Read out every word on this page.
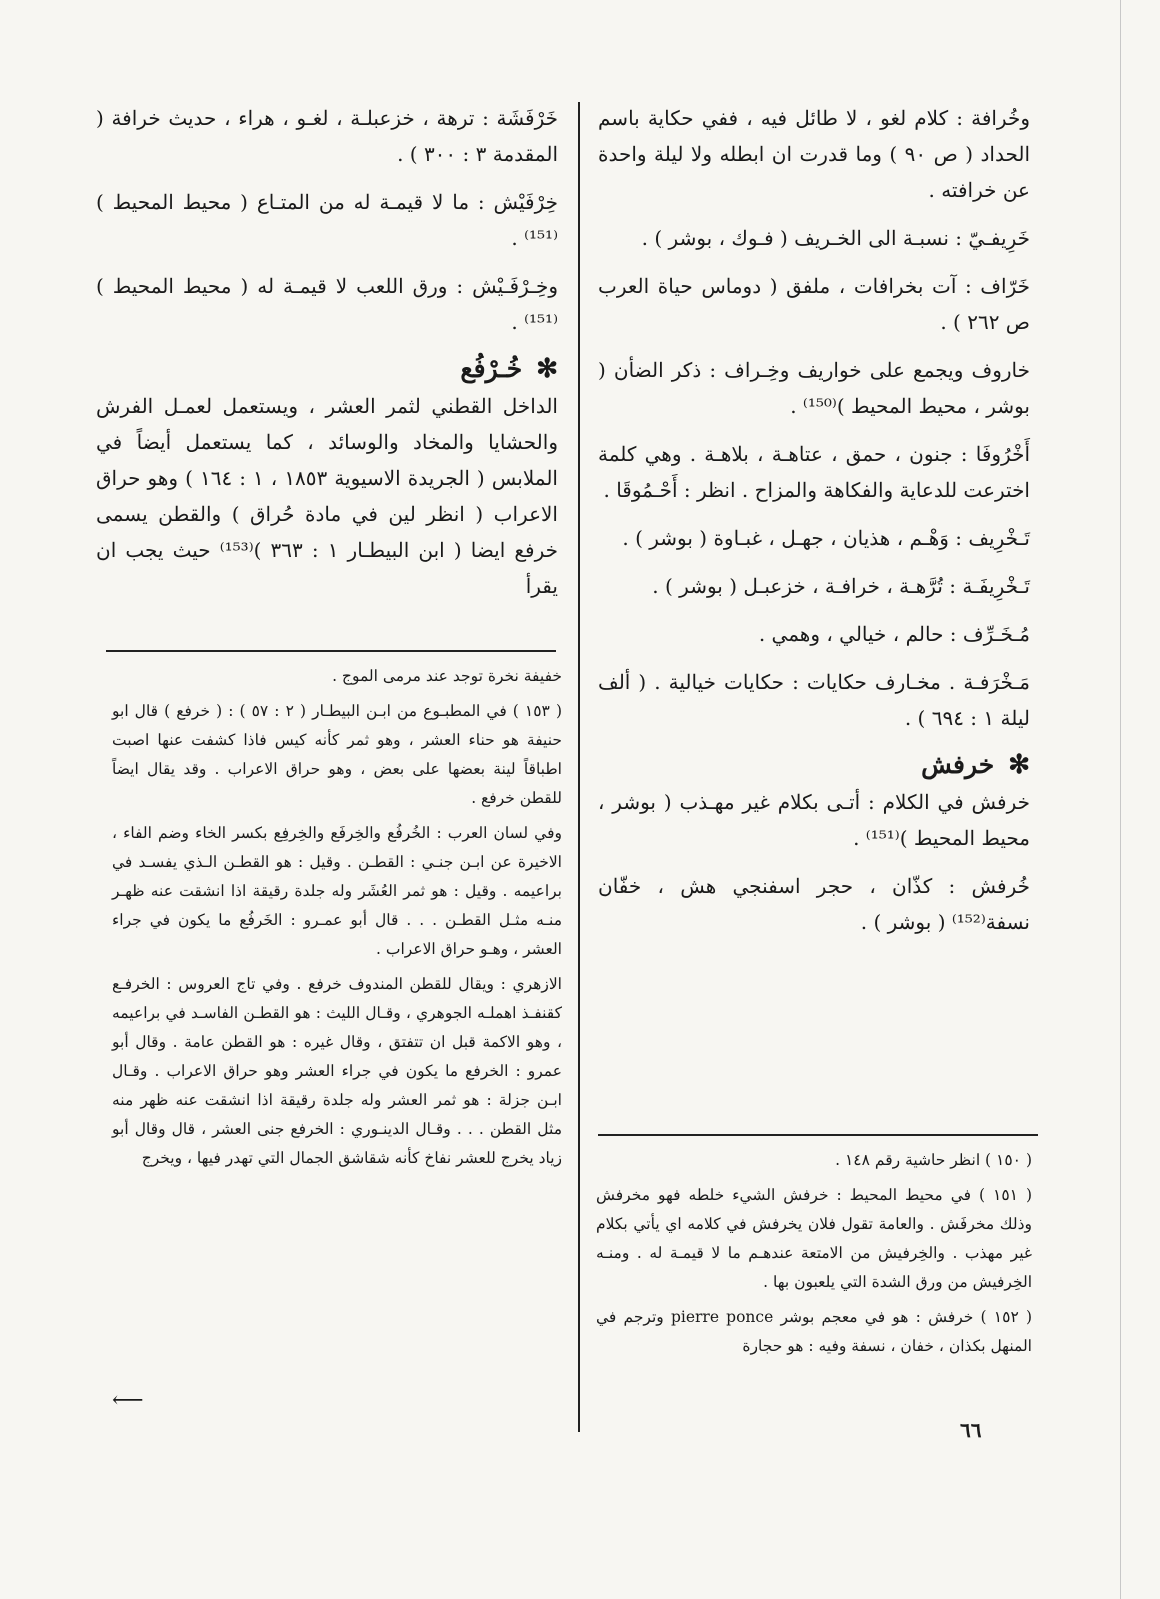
وخُرافة : كلام لغو ، لا طائل فيه ، ففي حكاية باسم الحداد ( ص ٩٠ ) وما قدرت ان ابطله ولا ليلة واحدة عن خرافته .

خَرِيفـيّ : نسبـة الى الخـريف ( فـوك ، بوشر ) .

خَرّاف : آت بخرافات ، ملفق ( دوماس حياة العرب ص ٢٦٢ ) .

خاروف ويجمع على خواريف وخِـراف : ذكر الضأن ( بوشر ، محيط المحيط )⁽¹⁵⁰⁾ .

أَخْرُوفَا : جنون ، حمق ، عتاهـة ، بلاهـة . وهي كلمة اخترعت للدعاية والفكاهة والمزاح . انظر : أَحْـمُوقَا .

تَـخْرِيف : وَهْـم ، هذيان ، جهـل ، غبـاوة ( بوشر ) .

تَـخْرِيفَـة : تُرَّهـة ، خرافـة ، خزعبـل ( بوشر ) .

مُـخَـرِّف : حالم ، خيالي ، وهمي .

مَـخْرَفـة . مخـارف حكايات : حكايات خيالية . ( ألف ليلة ١ : ٦٩٤ ) .

✻
خرفش

خرفش في الكلام : أتـى بكلام غير مهـذب ( بوشر ، محيط المحيط )⁽¹⁵¹⁾ .

خُرفش : كذّان ، حجر اسفنجي هش ، خفّان نسفة⁽¹⁵²⁾ ( بوشر ) .

خَرْفَشَة : ترهة ، خزعبلـة ، لغـو ، هراء ، حديث خرافة ( المقدمة ٣ : ٣٠٠ ) .

خِرْفَيْش : ما لا قيمـة له من المتـاع ( محيط المحيط )⁽¹⁵¹⁾ .

وخِـرْفَـيْش : ورق اللعب لا قيمـة له ( محيط المحيط )⁽¹⁵¹⁾ .

✻
خُـرْفُع

الداخل القطني لثمر العشر ، ويستعمل لعمـل الفرش والحشايا والمخاد والوسائد ، كما يستعمل أيضاً في الملابس ( الجريدة الاسيوية ١٨٥٣ ، ١ : ١٦٤ ) وهو حراق الاعراب ( انظر لين في مادة حُراق ) والقطن يسمى خرفع ايضا ( ابن البيطـار ١ : ٣٦٣ )⁽¹⁵³⁾ حيث يجب ان يقرأ

خفيفة نخرة توجد عند مرمى الموج .

( ١٥٣ ) في المطبـوع من ابـن البيطـار ( ٢ : ٥٧ ) : ( خرفع ) قال ابو حنيفة هو حناء العشر ، وهو ثمر كأنه كيس فاذا كشفت عنها اصبت اطباقاً لينة بعضها على بعض ، وهو حراق الاعراب . وقد يقال ايضاً للقطن خرفع .

وفي لسان العرب : الخُرفُع والخِرفَع والخِرفِع بكسر الخاء وضم الفاء ، الاخيرة عن ابـن جنـي : القطـن . وقيل : هو القطـن الـذي يفسـد في براعيمه . وقيل : هو ثمر العُشَر وله جلدة رقيقة اذا انشقت عنه ظهـر منـه مثـل القطـن . . . قال أبو عمـرو : الخَرفُع ما يكون في جراء العشر ، وهـو حراق الاعراب .

الازهري : ويقال للقطن المندوف خرفع . وفي تاج العروس : الخرفـع كقنفـذ اهملـه الجوهري ، وقـال الليث : هو القطـن الفاسـد في براعيمه ، وهو الاكمة قبل ان تتفتق ، وقال غيره : هو القطن عامة . وقال أبو عمرو : الخرفع ما يكون في جراء العشر وهو حراق الاعراب . وقـال ابـن جزلة : هو ثمر العشر وله جلدة رقيقة اذا انشقت عنه ظهر منه مثل القطن . . . وقـال الدينـوري : الخرفع جنى العشر ، قال وقال أبو زياد يخرج للعشر نفاخ كأنه شقاشق الجمال التي تهدر فيها ، ويخرج	( ١٥٠ ) انظر حاشية رقم ١٤٨ .

( ١٥١ ) في محيط المحيط : خرفش الشيء خلطه فهو مخرفش وذلك مخرفَش . والعامة تقول فلان يخرفش في كلامه اي يأتي بكلام غير مهذب . والخِرفيش من الامتعة عندهـم ما لا قيمـة له . ومنـه الخِرفيش من ورق الشدة التي يلعبون بها .

( ١٥٢ ) خرفش : هو في معجم بوشر pierre ponce وترجم في المنهل بكذان ، خفان ، نسفة وفيه : هو حجارة

⟵
٦٦
